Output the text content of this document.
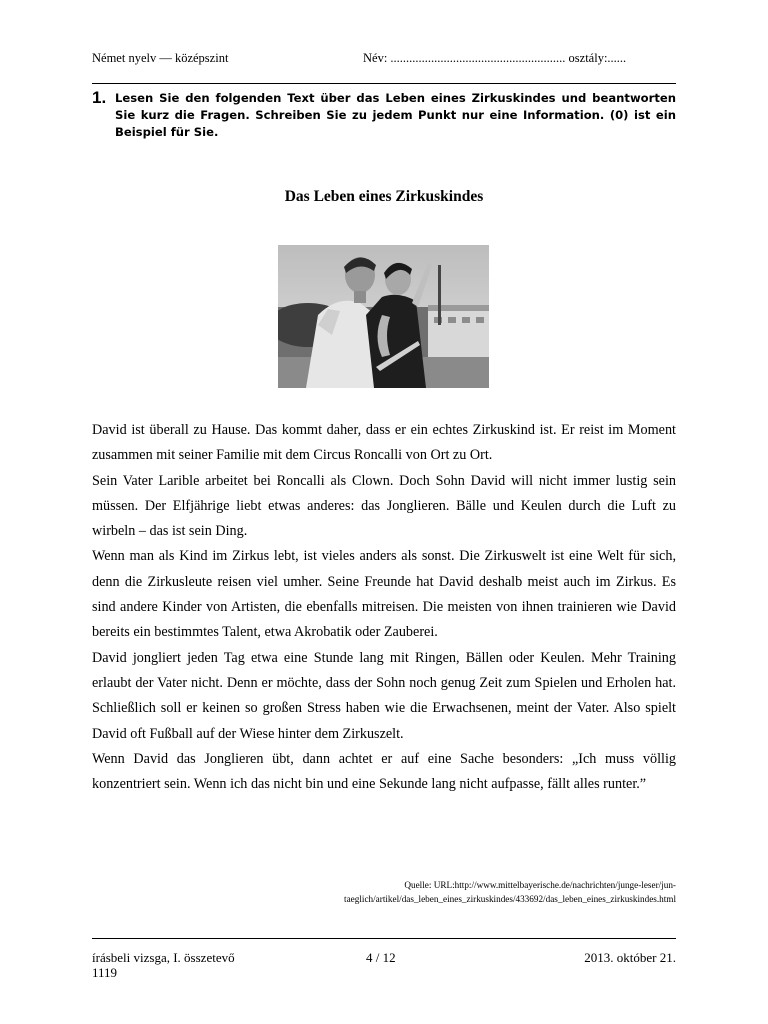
Német nyelv — középszint	Név: ........................................................ osztály:......
1. Lesen Sie den folgenden Text über das Leben eines Zirkuskindes und beantworten Sie kurz die Fragen. Schreiben Sie zu jedem Punkt nur eine Information. (0) ist ein Beispiel für Sie.
Das Leben eines Zirkuskindes

David ist überall zu Hause. Das kommt daher, dass er ein echtes Zirkuskind ist. Er reist im Moment zusammen mit seiner Familie mit dem Circus Roncalli von Ort zu Ort.

Sein Vater Larible arbeitet bei Roncalli als Clown. Doch Sohn David will nicht immer lustig sein müssen. Der Elfjährige liebt etwas anderes: das Jonglieren. Bälle und Keulen durch die Luft zu wirbeln – das ist sein Ding.

Wenn man als Kind im Zirkus lebt, ist vieles anders als sonst. Die Zirkuswelt ist eine Welt für sich, denn die Zirkusleute reisen viel umher. Seine Freunde hat David deshalb meist auch im Zirkus. Es sind andere Kinder von Artisten, die ebenfalls mitreisen. Die meisten von ihnen trainieren wie David bereits ein bestimmtes Talent, etwa Akrobatik oder Zauberei.

David jongliert jeden Tag etwa eine Stunde lang mit Ringen, Bällen oder Keulen. Mehr Training erlaubt der Vater nicht. Denn er möchte, dass der Sohn noch genug Zeit zum Spielen und Erholen hat. Schließlich soll er keinen so großen Stress haben wie die Erwachsenen, meint der Vater. Also spielt David oft Fußball auf der Wiese hinter dem Zirkuszelt.

Wenn David das Jonglieren übt, dann achtet er auf eine Sache besonders: „Ich muss völlig konzentriert sein. Wenn ich das nicht bin und eine Sekunde lang nicht aufpasse, fällt alles runter.”

Quelle: URL:http://www.mittelbayerische.de/nachrichten/junge-leser/jun-
taeglich/artikel/das_leben_eines_zirkuskindes/433692/das_leben_eines_zirkuskindes.html
írásbeli vizsga, I. összetevő	4 / 12	2013. október 21.
1119
